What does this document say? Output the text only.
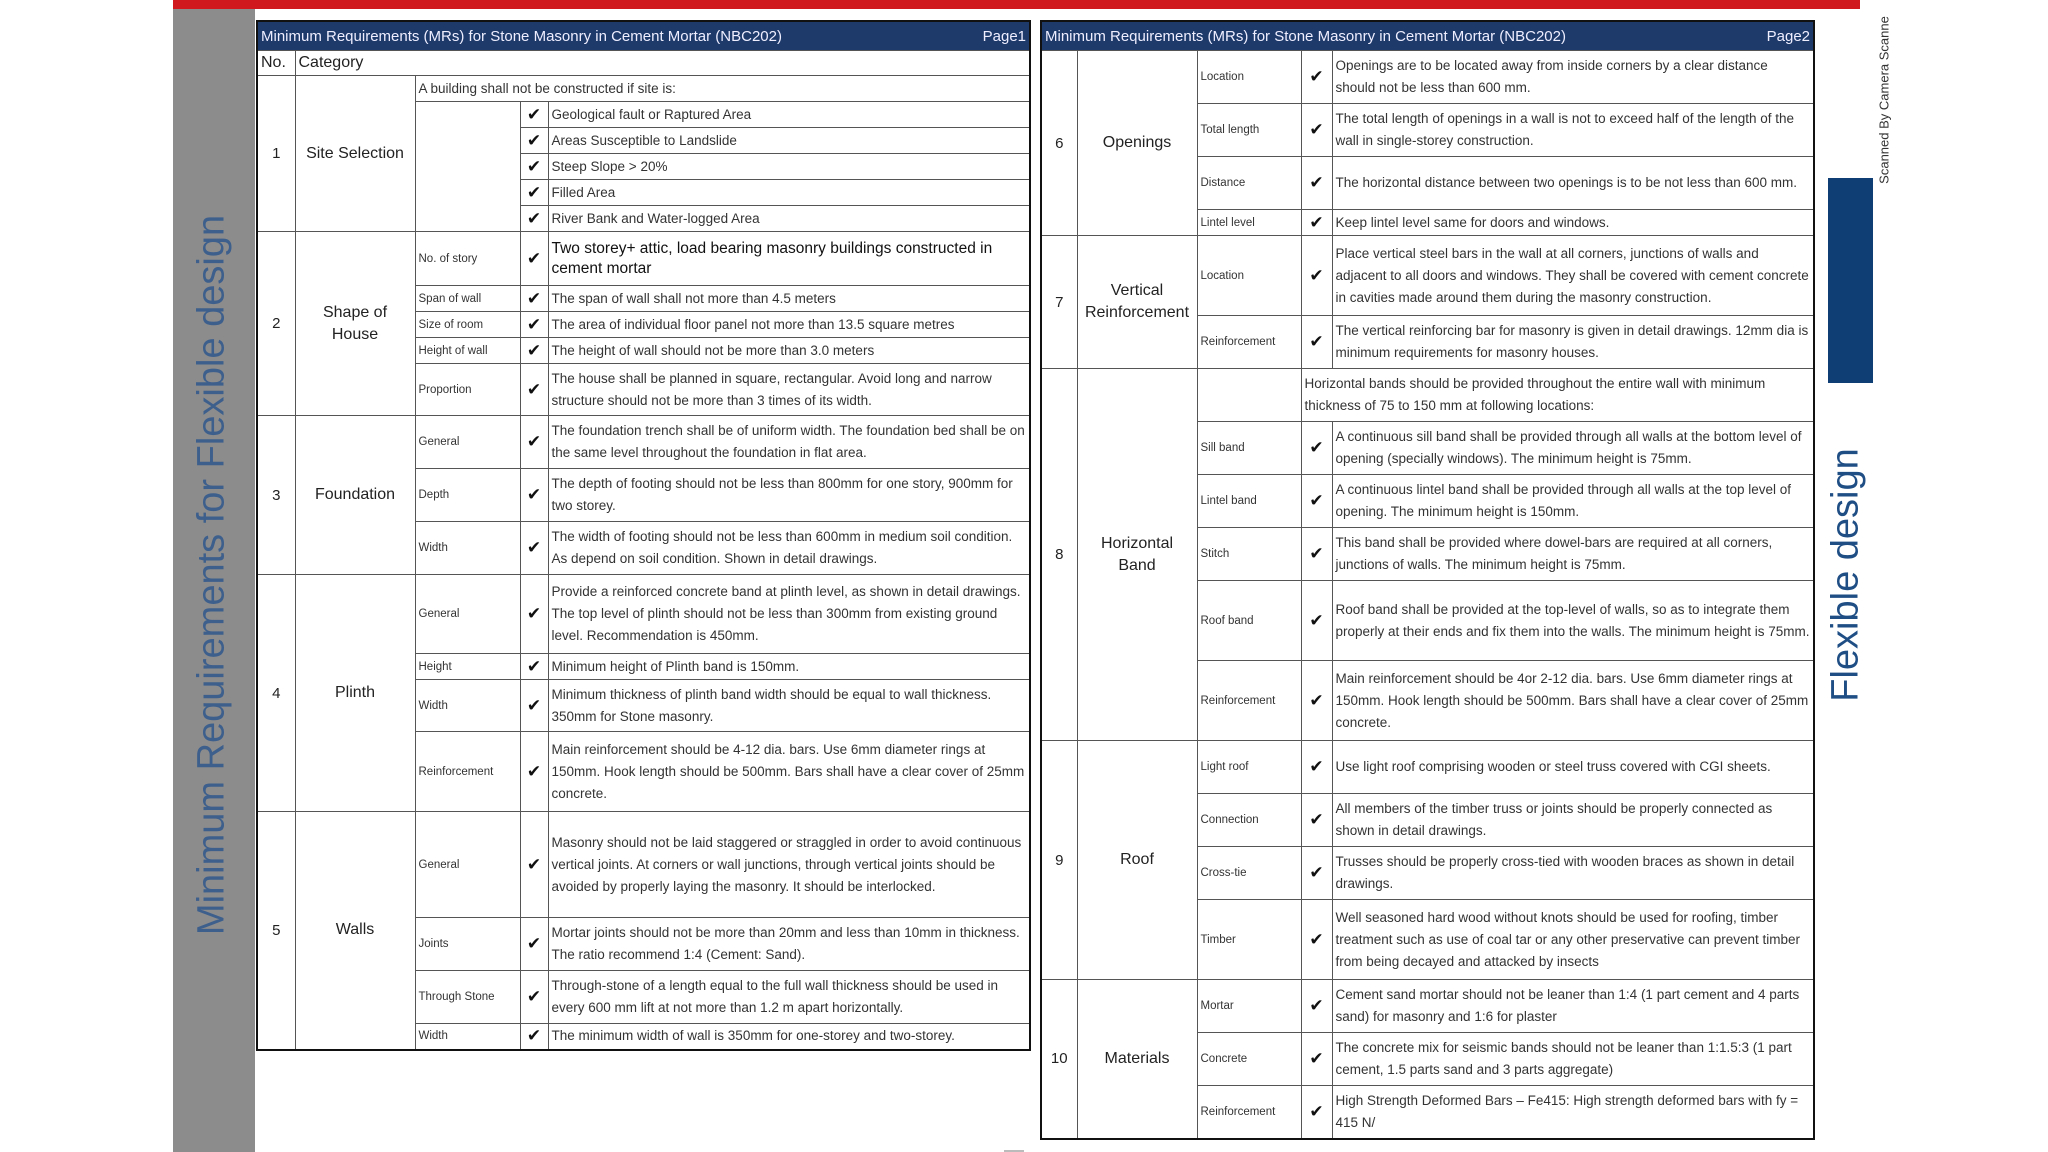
Minimum Requirements for Flexible design	Flexible design
Scanned By Camera Scanne
Minimum Requirements (MRs) for Stone Masonry in Cement Mortar (NBC202) Page1				

No.	Category			
1	Site Selection	A building shall not be constructed if site is:		
			✔	Geological fault or Raptured Area
			✔	Areas Susceptible to Landslide
			✔	Steep Slope > 20%
			✔	Filled Area
			✔	River Bank and Water-logged Area
2	Shape of House	No. of story	✔	Two storey+ attic, load bearing masonry buildings constructed in cement mortar
		Span of wall	✔	The span of wall shall not more than 4.5 meters
		Size of room	✔	The area of individual floor panel not more than 13.5 square metres
		Height of wall	✔	The height of wall should not be more than 3.0 meters
		Proportion	✔	The house shall be planned in square, rectangular. Avoid long and narrow structure should not be more than 3 times of its width.
3	Foundation	General	✔	The foundation trench shall be of uniform width. The foundation bed shall be on the same level throughout the foundation in flat area.
		Depth	✔	The depth of footing should not be less than 800mm for one story, 900mm for two storey.
		Width	✔	The width of footing should not be less than 600mm in medium soil condition. As depend on soil condition. Shown in detail drawings.
4	Plinth	General	✔	Provide a reinforced concrete band at plinth level, as shown in detail drawings. The top level of plinth should not be less than 300mm from existing ground level. Recommendation is 450mm.
		Height	✔	Minimum height of Plinth band is 150mm.
		Width	✔	Minimum thickness of plinth band width should be equal to wall thickness. 350mm for Stone masonry.
		Reinforcement	✔	Main reinforcement should be 4-12 dia. bars. Use 6mm diameter rings at 150mm. Hook length should be 500mm. Bars shall have a clear cover of 25mm concrete.
5	Walls	General	✔	Masonry should not be laid staggered or straggled in order to avoid continuous vertical joints. At corners or wall junctions, through vertical joints should be avoided by properly laying the masonry. It should be interlocked.
		Joints	✔	Mortar joints should not be more than 20mm and less than 10mm in thickness. The ratio recommend 1:4 (Cement: Sand).
		Through Stone	✔	Through-stone of a length equal to the full wall thickness should be used in every 600 mm lift at not more than 1.2 m apart horizontally.
		Width	✔	The minimum width of wall is 350mm for one-storey and two-storey.
Minimum Requirements (MRs) for Stone Masonry in Cement Mortar (NBC202) Page2				

6	Openings	Location	✔	Openings are to be located away from inside corners by a clear distance should not be less than 600 mm.
		Total length	✔	The total length of openings in a wall is not to exceed half of the length of the wall in single-storey construction.
		Distance	✔	The horizontal distance between two openings is to be not less than 600 mm.
		Lintel level	✔	Keep lintel level same for doors and windows.
7	Vertical Reinforcement	Location	✔	Place vertical steel bars in the wall at all corners, junctions of walls and adjacent to all doors and windows. They shall be covered with cement concrete in cavities made around them during the masonry construction.
		Reinforcement	✔	The vertical reinforcing bar for masonry is given in detail drawings. 12mm dia is minimum requirements for masonry houses.
8	Horizontal Band		Horizontal bands should be provided throughout the entire wall with minimum thickness of 75 to 150 mm at following locations:	
		Sill band	✔	A continuous sill band shall be provided through all walls at the bottom level of opening (specially windows). The minimum height is 75mm.
		Lintel band	✔	A continuous lintel band shall be provided through all walls at the top level of opening. The minimum height is 150mm.
		Stitch	✔	This band shall be provided where dowel-bars are required at all corners, junctions of walls. The minimum height is 75mm.
		Roof band	✔	Roof band shall be provided at the top-level of walls, so as to integrate them properly at their ends and fix them into the walls. The minimum height is 75mm.
		Reinforcement	✔	Main reinforcement should be 4or 2-12 dia. bars. Use 6mm diameter rings at 150mm. Hook length should be 500mm. Bars shall have a clear cover of 25mm concrete.
9	Roof	Light roof	✔	Use light roof comprising wooden or steel truss covered with CGI sheets.
		Connection	✔	All members of the timber truss or joints should be properly connected as shown in detail drawings.
		Cross-tie	✔	Trusses should be properly cross-tied with wooden braces as shown in detail drawings.
		Timber	✔	Well seasoned hard wood without knots should be used for roofing, timber treatment such as use of coal tar or any other preservative can prevent timber from being decayed and attacked by insects
10	Materials	Mortar	✔	Cement sand mortar should not be leaner than 1:4 (1 part cement and 4 parts sand) for masonry and 1:6 for plaster
		Concrete	✔	The concrete mix for seismic bands should not be leaner than 1:1.5:3 (1 part cement, 1.5 parts sand and 3 parts aggregate)
		Reinforcement	✔	High Strength Deformed Bars – Fe415: High strength deformed bars with fy = 415 N/
